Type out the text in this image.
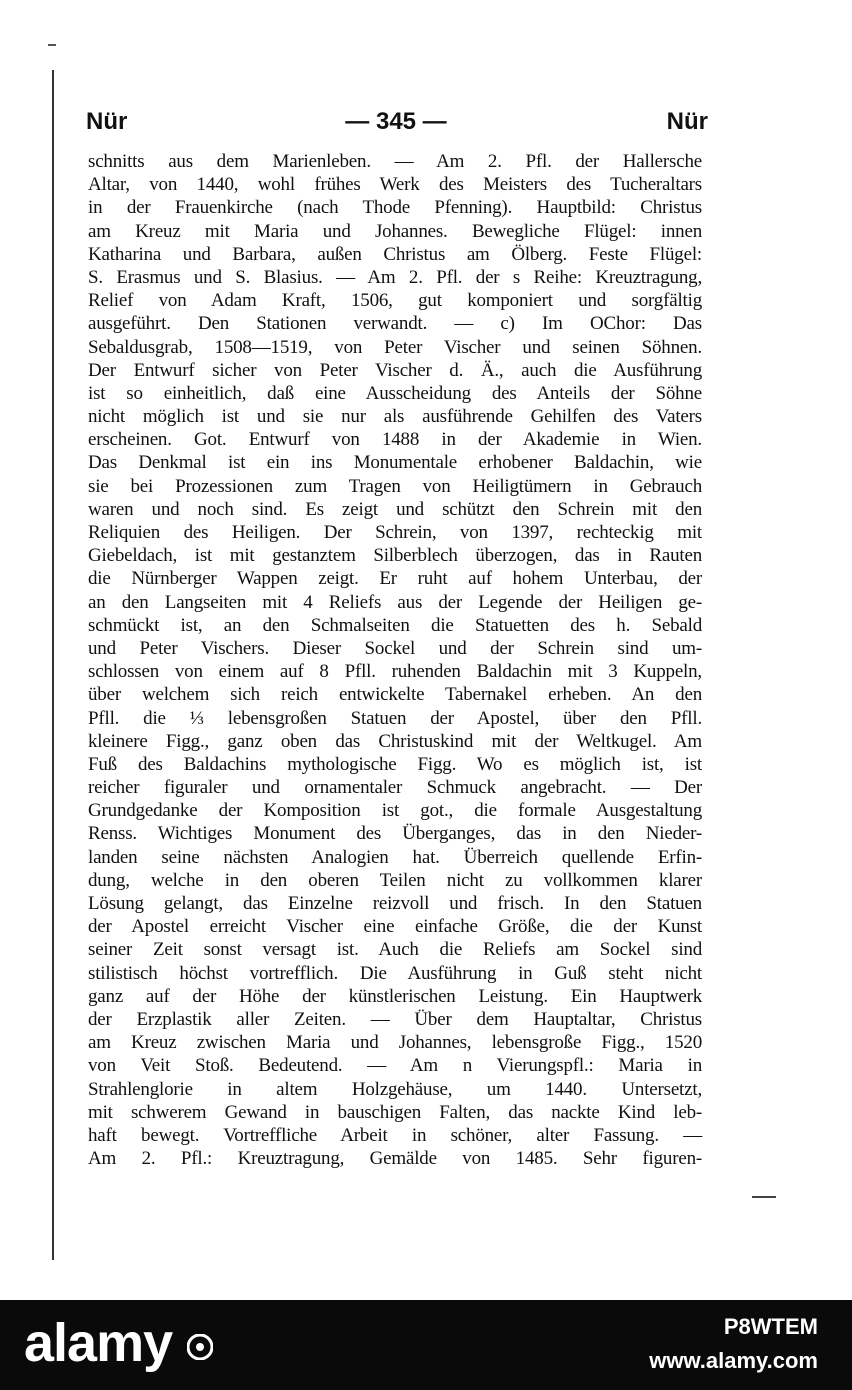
Nür	— 345 —	Nür
schnitts aus dem Marienleben. — Am 2. Pfl. der Hallersche
Altar, von 1440, wohl frühes Werk des Meisters des Tucheraltars
in der Frauenkirche (nach Thode Pfenning). Hauptbild: Christus
am Kreuz mit Maria und Johannes. Bewegliche Flügel: innen
Katharina und Barbara, außen Christus am Ölberg. Feste Flügel:
S. Erasmus und S. Blasius. — Am 2. Pfl. der s Reihe: Kreuztragung,
Relief von Adam Kraft, 1506, gut komponiert und sorgfältig
ausgeführt. Den Stationen verwandt. — c) Im OChor: Das
Sebaldusgrab, 1508—1519, von Peter Vischer und seinen Söhnen.
Der Entwurf sicher von Peter Vischer d. Ä., auch die Ausführung
ist so einheitlich, daß eine Ausscheidung des Anteils der Söhne
nicht möglich ist und sie nur als ausführende Gehilfen des Vaters
erscheinen. Got. Entwurf von 1488 in der Akademie in Wien.
Das Denkmal ist ein ins Monumentale erhobener Baldachin, wie
sie bei Prozessionen zum Tragen von Heiligtümern in Gebrauch
waren und noch sind. Es zeigt und schützt den Schrein mit den
Reliquien des Heiligen. Der Schrein, von 1397, rechteckig mit
Giebeldach, ist mit gestanztem Silberblech überzogen, das in Rauten
die Nürnberger Wappen zeigt. Er ruht auf hohem Unterbau, der
an den Langseiten mit 4 Reliefs aus der Legende der Heiligen ge-
schmückt ist, an den Schmalseiten die Statuetten des h. Sebald
und Peter Vischers. Dieser Sockel und der Schrein sind um-
schlossen von einem auf 8 Pfll. ruhenden Baldachin mit 3 Kuppeln,
über welchem sich reich entwickelte Tabernakel erheben. An den
Pfll. die ⅓ lebensgroßen Statuen der Apostel, über den Pfll.
kleinere Figg., ganz oben das Christuskind mit der Weltkugel. Am
Fuß des Baldachins mythologische Figg. Wo es möglich ist, ist
reicher figuraler und ornamentaler Schmuck angebracht. — Der
Grundgedanke der Komposition ist got., die formale Ausgestaltung
Renss. Wichtiges Monument des Überganges, das in den Nieder-
landen seine nächsten Analogien hat. Überreich quellende Erfin-
dung, welche in den oberen Teilen nicht zu vollkommen klarer
Lösung gelangt, das Einzelne reizvoll und frisch. In den Statuen
der Apostel erreicht Vischer eine einfache Größe, die der Kunst
seiner Zeit sonst versagt ist. Auch die Reliefs am Sockel sind
stilistisch höchst vortrefflich. Die Ausführung in Guß steht nicht
ganz auf der Höhe der künstlerischen Leistung. Ein Hauptwerk
der Erzplastik aller Zeiten. — Über dem Hauptaltar, Christus
am Kreuz zwischen Maria und Johannes, lebensgroße Figg., 1520
von Veit Stoß. Bedeutend. — Am n Vierungspfl.: Maria in
Strahlenglorie in altem Holzgehäuse, um 1440. Untersetzt,
mit schwerem Gewand in bauschigen Falten, das nackte Kind leb-
haft bewegt. Vortreffliche Arbeit in schöner, alter Fassung. —
Am 2. Pfl.: Kreuztragung, Gemälde von 1485. Sehr figuren-
alamy	P8WTEM
www.alamy.com
